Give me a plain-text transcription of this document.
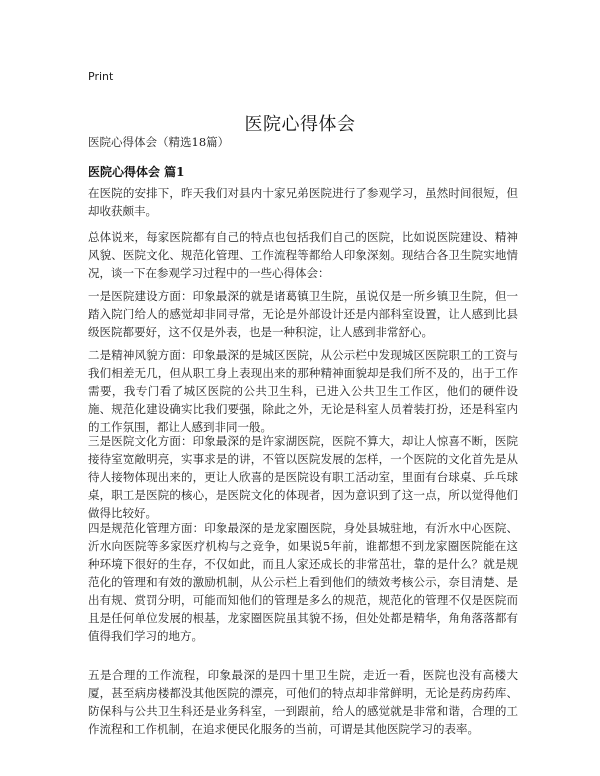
Print
医院心得体会
医院心得体会（精选18篇）
医院心得体会 篇1

在医院的安排下，昨天我们对县内十家兄弟医院进行了参观学习，虽然时间很短，但却收获颇丰。

总体说来，每家医院都有自己的特点也包括我们自己的医院，比如说医院建设、精神风貌、医院文化、规范化管理、工作流程等都给人印象深刻。现结合各卫生院实地情况，谈一下在参观学习过程中的一些心得体会：

一是医院建设方面：印象最深的就是诸葛镇卫生院，虽说仅是一所乡镇卫生院，但一踏入院门给人的感觉却非同寻常，无论是外部设计还是内部科室设置，让人感到比县级医院都要好，这不仅是外表，也是一种积淀，让人感到非常舒心。

二是精神风貌方面：印象最深的是城区医院，从公示栏中发现城区医院职工的工资与我们相差无几，但从职工身上表现出来的那种精神面貌却是我们所不及的，出于工作需要，我专门看了城区医院的公共卫生科，已进入公共卫生工作区，他们的硬件设施、规范化建设确实比我们要强，除此之外，无论是科室人员着装打扮，还是科室内的工作氛围，都让人感到非同一般。

三是医院文化方面：印象最深的是许家湖医院，医院不算大，却让人惊喜不断，医院接待室宽敞明亮，实事求是的讲，不管以医院发展的怎样，一个医院的文化首先是从待人接物体现出来的，更让人欣喜的是医院设有职工活动室，里面有台球桌、乒乓球桌，职工是医院的核心，是医院文化的体现者，因为意识到了这一点，所以觉得他们做得比较好。

四是规范化管理方面：印象最深的是龙家圈医院，身处县城驻地，有沂水中心医院、沂水向医院等多家医疗机构与之竞争，如果说5年前，谁都想不到龙家圈医院能在这种环境下很好的生存，不仅如此，而且人家还成长的非常茁壮，靠的是什么？就是规范化的管理和有效的激励机制，从公示栏上看到他们的绩效考核公示，奈目清楚、是出有规、赏罚分明，可能而知他们的管理是多么的规范，规范化的管理不仅是医院而且是任何单位发展的根基，龙家圈医院虽其貌不扬，但处处都是精华，角角落落都有值得我们学习的地方。

五是合理的工作流程，印象最深的是四十里卫生院，走近一看，医院也没有高楼大厦，甚至病房楼都没其他医院的漂亮，可他们的特点却非常鲜明，无论是药房药库、防保科与公共卫生科还是业务科室，一到跟前，给人的感觉就是非常和谐，合理的工作流程和工作机制，在追求便民化服务的当前，可谓是其他医院学习的表率。
